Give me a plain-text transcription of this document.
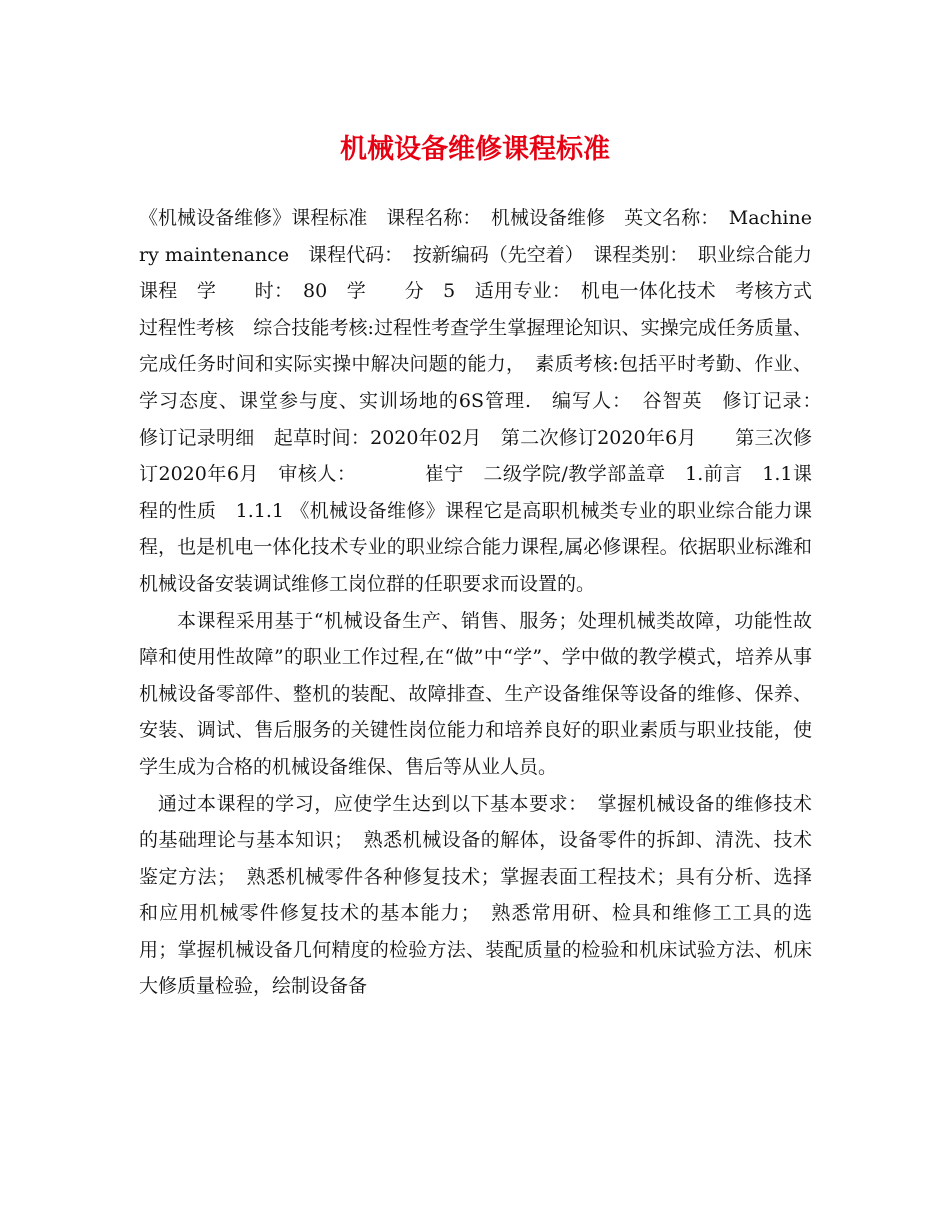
机械设备维修课程标准

《机械设备维修》课程标准　课程名称：　机械设备维修　英文名称：　Machinery maintenance　课程代码：　按新编码（先空着）　课程类别：　职业综合能力课程　学　　时：　80　学　　分　5　适用专业：　机电一体化技术　考核方式　过程性考核　综合技能考核:过程性考查学生掌握理论知识、实操完成任务质量、完成任务时间和实际实操中解决问题的能力，　素质考核:包括平时考勤、作业、学习态度、课堂参与度、实训场地的6S管理.　编写人：　谷智英　修订记录：　修订记录明细　起草时间：2020年02月　第二次修订2020年6月　　第三次修订2020年6月　审核人：　　　　崔宁　二级学院/教学部盖章　1.前言　1.1课程的性质　1.1.1 《机械设备维修》课程它是高职机械类专业的职业综合能力课程，也是机电一体化技术专业的职业综合能力课程,属必修课程。依据职业标潍和机械设备安装调试维修工岗位群的任职要求而设置的。

本课程采用基于“机械设备生产、销售、服务；处理机械类故障，功能性故障和使用性故障”的职业工作过程,在“做”中“学”、学中做的教学模式，培养从事机械设备零部件、整机的装配、故障排查、生产设备维保等设备的维修、保养、安装、调试、售后服务的关键性岗位能力和培养良好的职业素质与职业技能，使学生成为合格的机械设备维保、售后等从业人员。

通过本课程的学习，应使学生达到以下基本要求：　掌握机械设备的维修技术的基础理论与基本知识；　熟悉机械设备的解体，设备零件的拆卸、清洗、技术鉴定方法；　熟悉机械零件各种修复技术；掌握表面工程技术；具有分析、选择和应用机械零件修复技术的基本能力；　熟悉常用研、检具和维修工工具的选用；掌握机械设备几何精度的检验方法、装配质量的检验和机床试验方法、机床大修质量检验，绘制设备备
